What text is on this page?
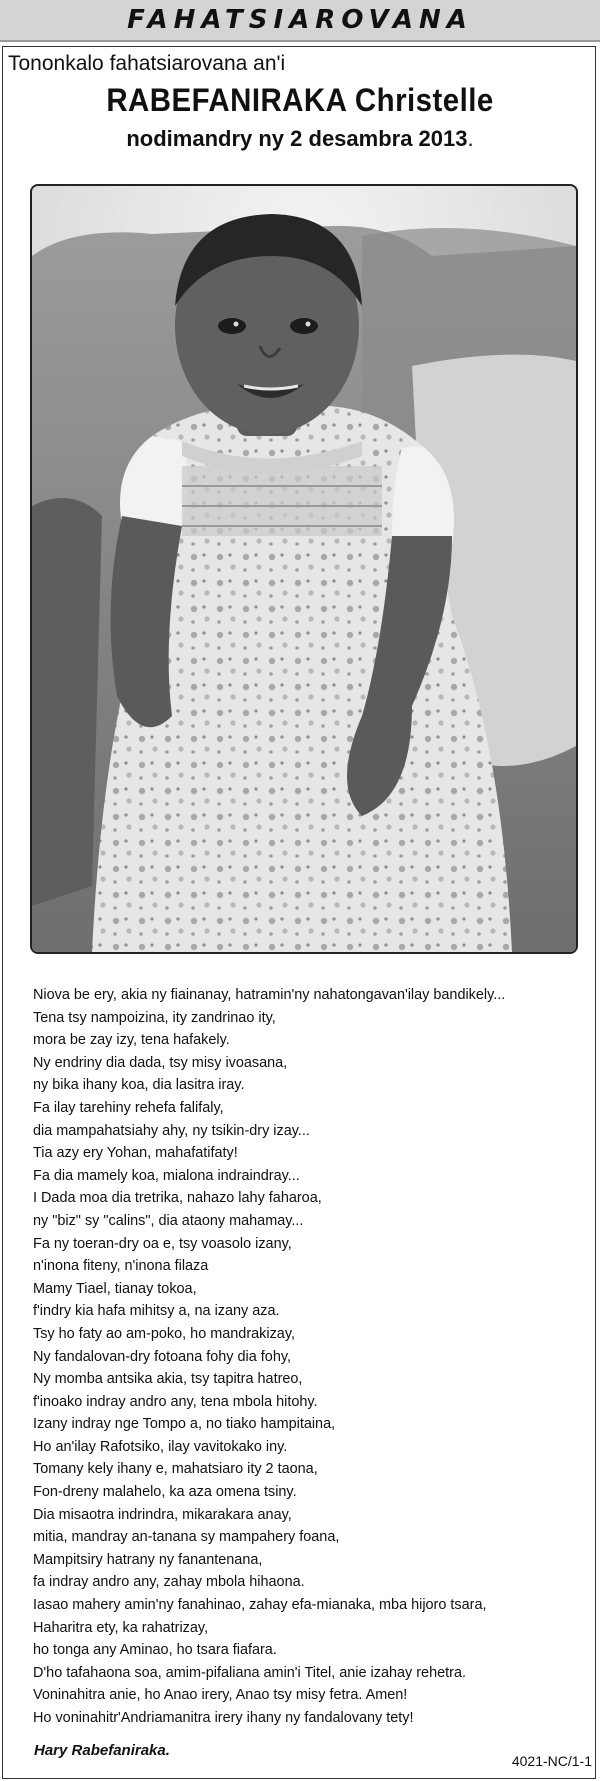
FAHATSIAROVANA
Tononkalo fahatsiarovana an'i
RABEFANIRAKA Christelle
nodimandry ny 2 desambra 2013.
Niova be ery, akia ny fiainanay, hatramin'ny nahatongavan'ilay bandikely...
Tena tsy nampoizina, ity zandrinao ity,
mora be zay izy, tena hafakely.
Ny endriny dia dada, tsy misy ivoasana,
ny bika ihany koa, dia lasitra iray.
Fa ilay tarehiny rehefa falifaly,
dia mampahatsiahy ahy, ny tsikin-dry izay...
Tia azy ery Yohan, mahafatifaty!
Fa dia mamely koa, mialona indraindray...
I Dada moa dia tretrika, nahazo lahy faharoa,
ny "biz" sy "calins", dia ataony mahamay...
Fa ny toeran-dry oa e, tsy voasolo izany,
n'inona fiteny, n'inona filaza
Mamy Tiael, tianay tokoa,
f'indry kia hafa mihitsy a, na izany aza.
Tsy ho faty ao am-poko, ho mandrakizay,
Ny fandalovan-dry fotoana fohy dia fohy,
Ny momba antsika akia, tsy tapitra hatreo,
f'inoako indray andro any, tena mbola hitohy.
Izany indray nge Tompo a, no tiako hampitaina,
Ho an'ilay Rafotsiko, ilay vavitokako iny.
Tomany kely ihany e, mahatsiaro ity 2 taona,
Fon-dreny malahelo, ka aza omena tsiny.
Dia misaotra indrindra, mikarakara anay,
mitia, mandray an-tanana sy mampahery foana,
Mampitsiry hatrany ny fanantenana,
fa indray andro any, zahay mbola hihaona.
Iasao mahery amin'ny fanahinao, zahay efa-mianaka, mba hijoro tsara,
Haharitra ety, ka rahatrizay,
ho tonga any Aminao, ho tsara fiafara.
D'ho tafahaona soa, amim-pifaliana amin'i Titel, anie izahay rehetra.
Voninahitra anie, ho Anao irery, Anao tsy misy fetra. Amen!
Ho voninahitr'Andriamanitra irery ihany ny fandalovany tety!
Hary Rabefaniraka.
4021-NC/1-1
